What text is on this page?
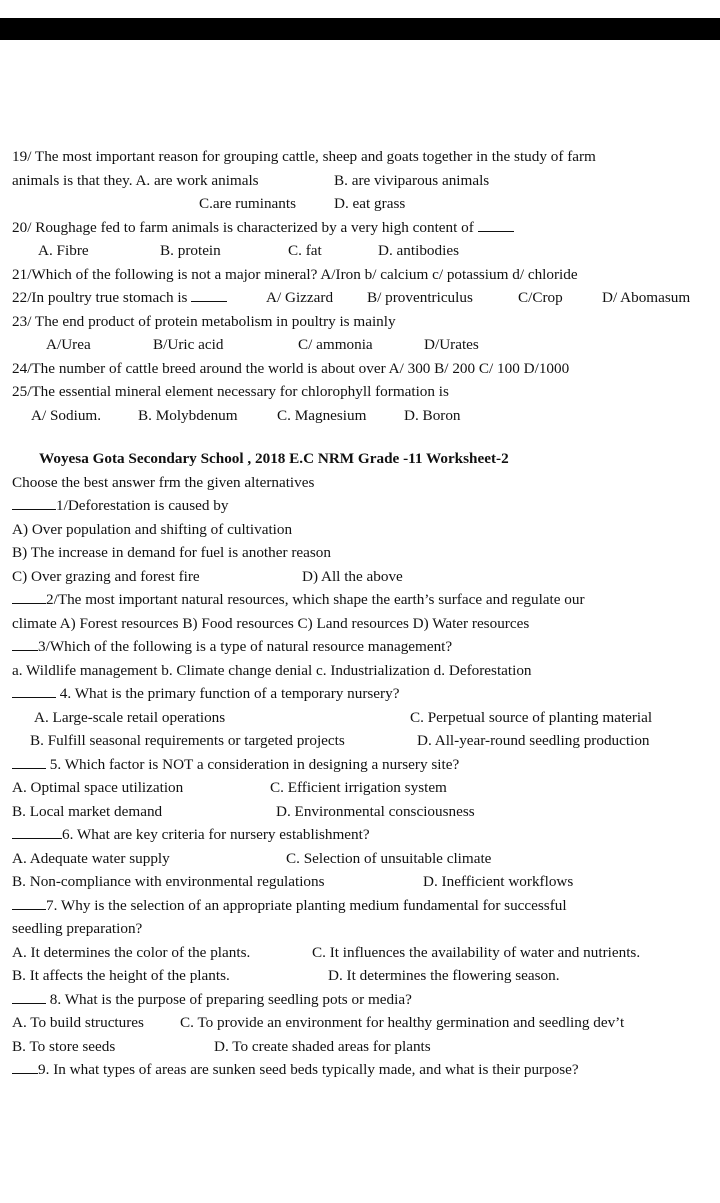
19/ The most important reason for grouping cattle, sheep and goats together in the study of farm
animals is that they. A. are work animals	B. are viviparous animals
C.are ruminants D. eat grass
20/ Roughage fed to farm animals is characterized by a very high content of
A. Fibre	B. protein	C. fat	D. antibodies
21/Which of the following is not a major mineral? A/Iron b/ calcium c/ potassium d/ chloride
22/In poultry true stomach is	A/ Gizzard B/ proventriculus	C/Crop	D/ Abomasum
23/ The end product of protein metabolism in poultry is mainly
A/Urea	B/Uric acid	C/ ammonia	D/Urates
24/The number of cattle breed around the world is about over A/ 300 B/ 200 C/ 100 D/1000
25/The essential mineral element necessary for chlorophyll formation is
A/ Sodium. B. Molybdenum	C. Magnesium D. Boron
Woyesa Gota Secondary School , 2018 E.C NRM Grade -11 Worksheet-2
Choose the best answer frm the given alternatives
1/Deforestation is caused by
A) Over population and shifting of cultivation
B) The increase in demand for fuel is another reason
C) Over grazing and forest fire	D) All the above
2/The most important natural resources, which shape the earth’s surface and regulate our
climate A) Forest resources B) Food resources C) Land resources D) Water resources
3/Which of the following is a type of natural resource management?
a. Wildlife management b. Climate change denial c. Industrialization d. Deforestation
4. What is the primary function of a temporary nursery?
A. Large-scale retail operations	C. Perpetual source of planting material
B. Fulfill seasonal requirements or targeted projects	D. All-year-round seedling production
5. Which factor is NOT a consideration in designing a nursery site?
A. Optimal space utilization	C. Efficient irrigation system
B. Local market demand	D. Environmental consciousness
6. What are key criteria for nursery establishment?
A. Adequate water supply	C. Selection of unsuitable climate
B. Non-compliance with environmental regulations	D. Inefficient workflows
7. Why is the selection of an appropriate planting medium fundamental for successful
seedling preparation?
A. It determines the color of the plants.	C. It influences the availability of water and nutrients.
B. It affects the height of the plants.	D. It determines the flowering season.
8. What is the purpose of preparing seedling pots or media?
A. To build structures C. To provide an environment for healthy germination and seedling dev’t
B. To store seeds	D. To create shaded areas for plants
9. In what types of areas are sunken seed beds typically made, and what is their purpose?
